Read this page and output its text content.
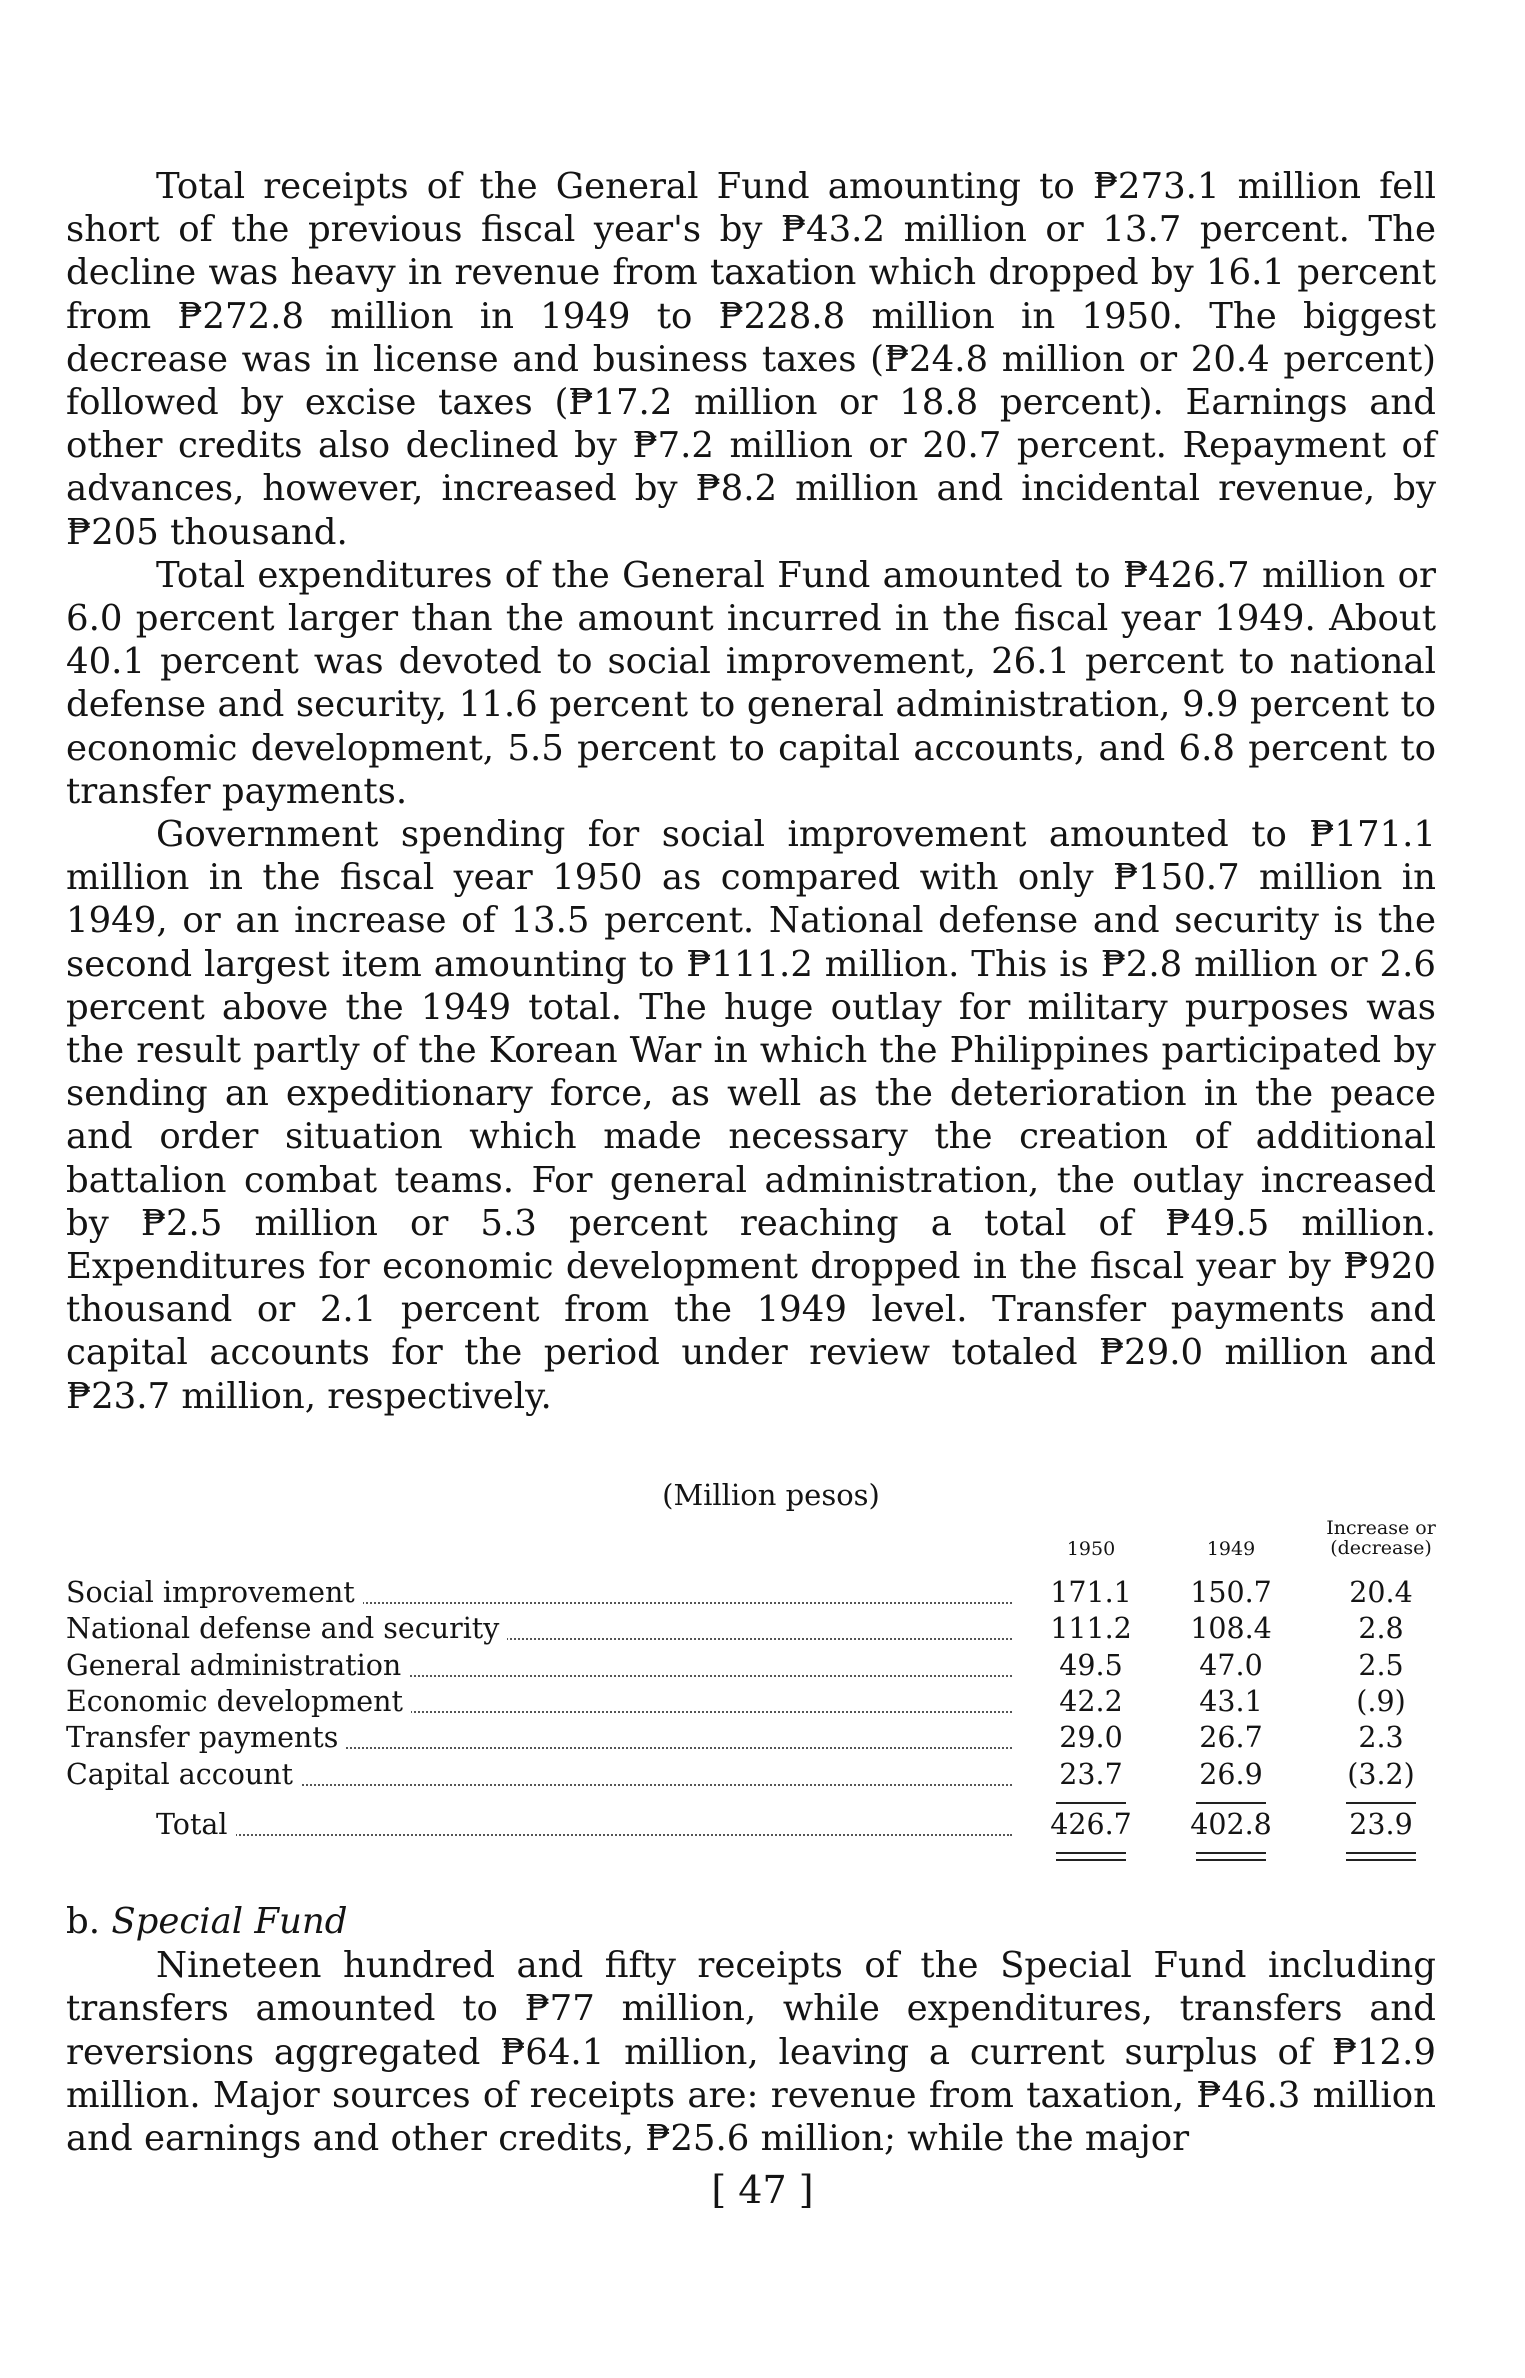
Total receipts of the General Fund amounting to ₱273.1 million fell short of the previous fiscal year's by ₱43.2 million or 13.7 percent. The decline was heavy in revenue from taxation which dropped by 16.1 percent from ₱272.8 million in 1949 to ₱228.8 million in 1950. The biggest decrease was in license and business taxes (₱24.8 million or 20.4 percent) followed by excise taxes (₱17.2 million or 18.8 percent). Earnings and other credits also declined by ₱7.2 million or 20.7 percent. Repayment of advances, however, increased by ₱8.2 million and incidental revenue, by ₱205 thousand.

Total expenditures of the General Fund amounted to ₱426.7 million or 6.0 percent larger than the amount incurred in the fiscal year 1949. About 40.1 percent was devoted to social improvement, 26.1 percent to national defense and security, 11.6 percent to general administration, 9.9 percent to economic development, 5.5 percent to capital accounts, and 6.8 percent to transfer payments.

Government spending for social improvement amounted to ₱171.1 million in the fiscal year 1950 as compared with only ₱150.7 million in 1949, or an increase of 13.5 percent. National defense and security is the second largest item amounting to ₱111.2 million. This is ₱2.8 million or 2.6 percent above the 1949 total. The huge outlay for military purposes was the result partly of the Korean War in which the Philippines participated by sending an expeditionary force, as well as the deterioration in the peace and order situation which made necessary the creation of additional battalion combat teams. For general administration, the outlay increased by ₱2.5 million or 5.3 percent reaching a total of ₱49.5 million. Expenditures for economic development dropped in the fiscal year by ₱920 thousand or 2.1 percent from the 1949 level. Transfer payments and capital accounts for the period under review totaled ₱29.0 million and ₱23.7 million, respectively.

(Million pesos)
1950	1949
Increase or
(decrease)
Social improvement	171.1	150.7	20.4
National defense and security	111.2	108.4	2.8
General administration	49.5	47.0	2.5
Economic development	42.2	43.1	(.9)
Transfer payments	29.0	26.7	2.3
Capital account	23.7	26.9	(3.2)
Total	426.7	402.8	23.9
b. Special Fund

Nineteen hundred and fifty receipts of the Special Fund including transfers amounted to ₱77 million, while expenditures, transfers and reversions aggregated ₱64.1 million, leaving a current surplus of ₱12.9 million. Major sources of receipts are: revenue from taxation, ₱46.3 million and earnings and other credits, ₱25.6 million; while the major

[ 47 ]
